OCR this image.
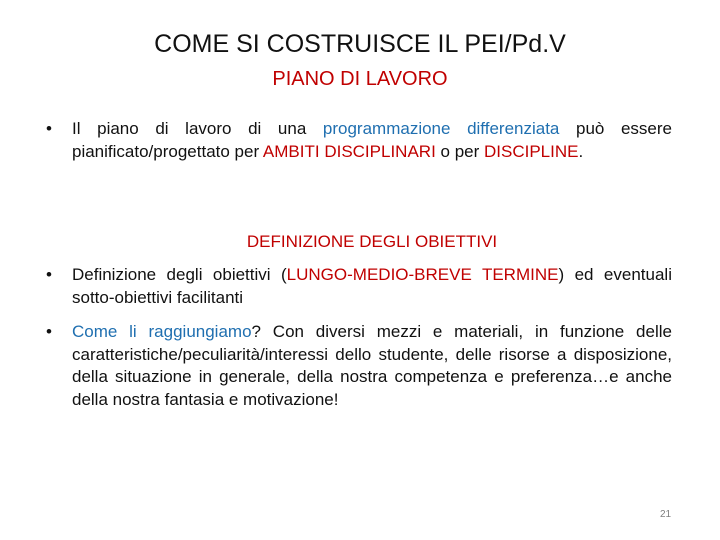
COME SI COSTRUISCE IL PEI/Pd.V
PIANO DI LAVORO
• Il piano di lavoro di una programmazione differenziata può essere pianificato/progettato per AMBITI DISCIPLINARI o per DISCIPLINE.
DEFINIZIONE DEGLI OBIETTIVI
• Definizione degli obiettivi (LUNGO-MEDIO-BREVE TERMINE) ed eventuali sotto-obiettivi facilitanti
• Come li raggiungiamo? Con diversi mezzi e materiali, in funzione delle caratteristiche/peculiarità/interessi dello studente, delle risorse a disposizione, della situazione in generale, della nostra competenza e preferenza…e anche della nostra fantasia e motivazione!
21
